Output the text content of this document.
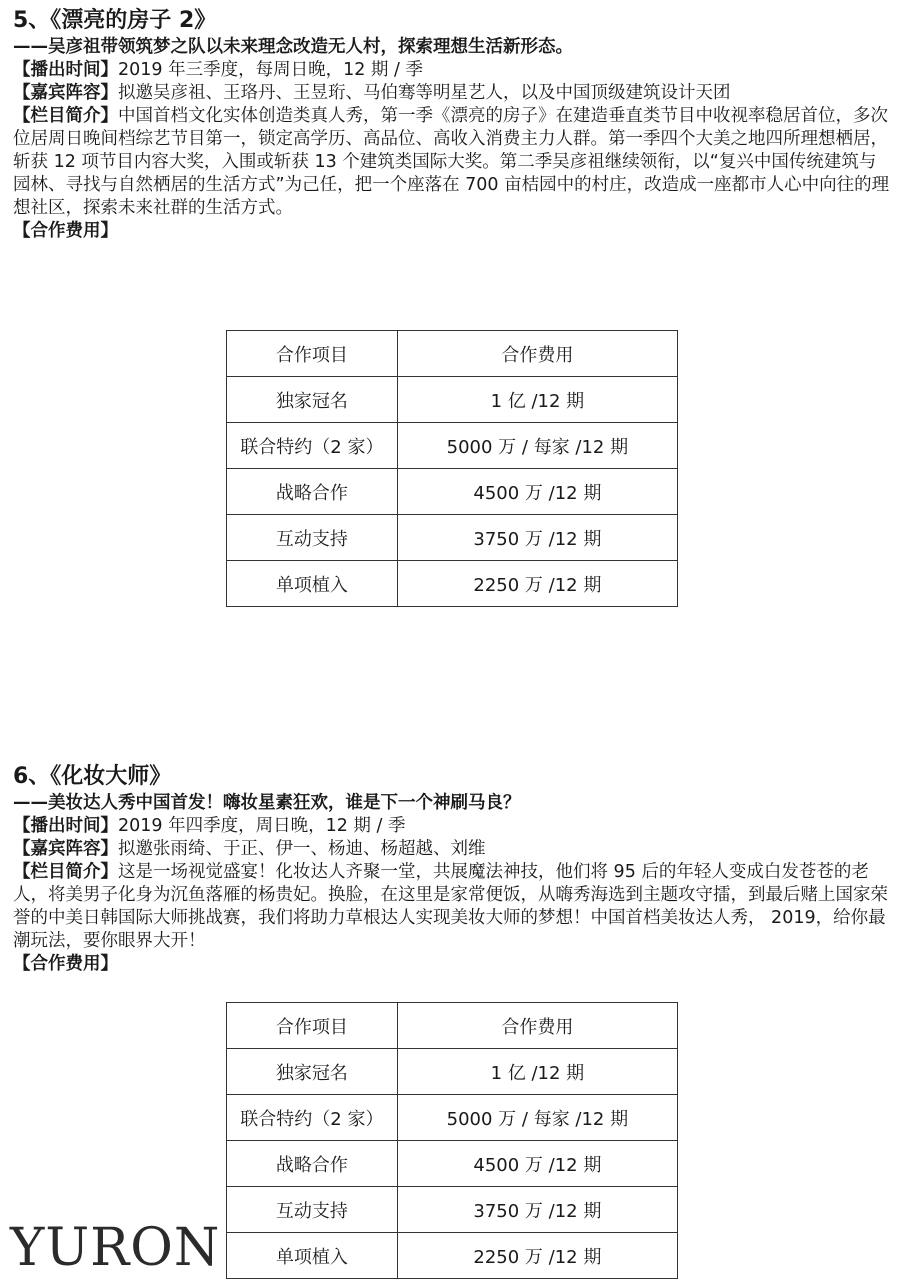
5、《漂亮的房子 2》
——吴彦祖带领筑梦之队以未来理念改造无人村，探索理想生活新形态。

【播出时间】2019 年三季度，每周日晚，12 期 / 季

【嘉宾阵容】拟邀吴彦祖、王珞丹、王昱珩、马伯骞等明星艺人，以及中国顶级建筑设计天团

【栏目简介】中国首档文化实体创造类真人秀，第一季《漂亮的房子》在建造垂直类节目中收视率稳居首位，多次位居周日晚间档综艺节目第一，锁定高学历、高品位、高收入消费主力人群。第一季四个大美之地四所理想栖居，斩获 12 项节目内容大奖，入围或斩获 13 个建筑类国际大奖。第二季吴彦祖继续领衔，以“复兴中国传统建筑与园林、寻找与自然栖居的生活方式”为己任，把一个座落在 700 亩桔园中的村庄，改造成一座都市人心中向往的理想社区，探索未来社群的生活方式。

【合作费用】

合作项目	合作费用
独家冠名	1 亿 /12 期
联合特约（2 家）	5000 万 / 每家 /12 期
战略合作	4500 万 /12 期
互动支持	3750 万 /12 期
单项植入	2250 万 /12 期
6、《化妆大师》
——美妆达人秀中国首发！嗨妆星素狂欢，谁是下一个神刷马良？

【播出时间】2019 年四季度，周日晚，12 期 / 季

【嘉宾阵容】拟邀张雨绮、于正、伊一、杨迪、杨超越、刘维

【栏目简介】这是一场视觉盛宴！化妆达人齐聚一堂，共展魔法神技，他们将 95 后的年轻人变成白发苍苍的老人，将美男子化身为沉鱼落雁的杨贵妃。换脸，在这里是家常便饭，从嗨秀海选到主题攻守擂，到最后赌上国家荣誉的中美日韩国际大师挑战赛，我们将助力草根达人实现美妆大师的梦想！中国首档美妆达人秀， 2019，给你最潮玩法，要你眼界大开！

【合作费用】

合作项目	合作费用
独家冠名	1 亿 /12 期
联合特约（2 家）	5000 万 / 每家 /12 期
战略合作	4500 万 /12 期
互动支持	3750 万 /12 期
单项植入	2250 万 /12 期
YURON
